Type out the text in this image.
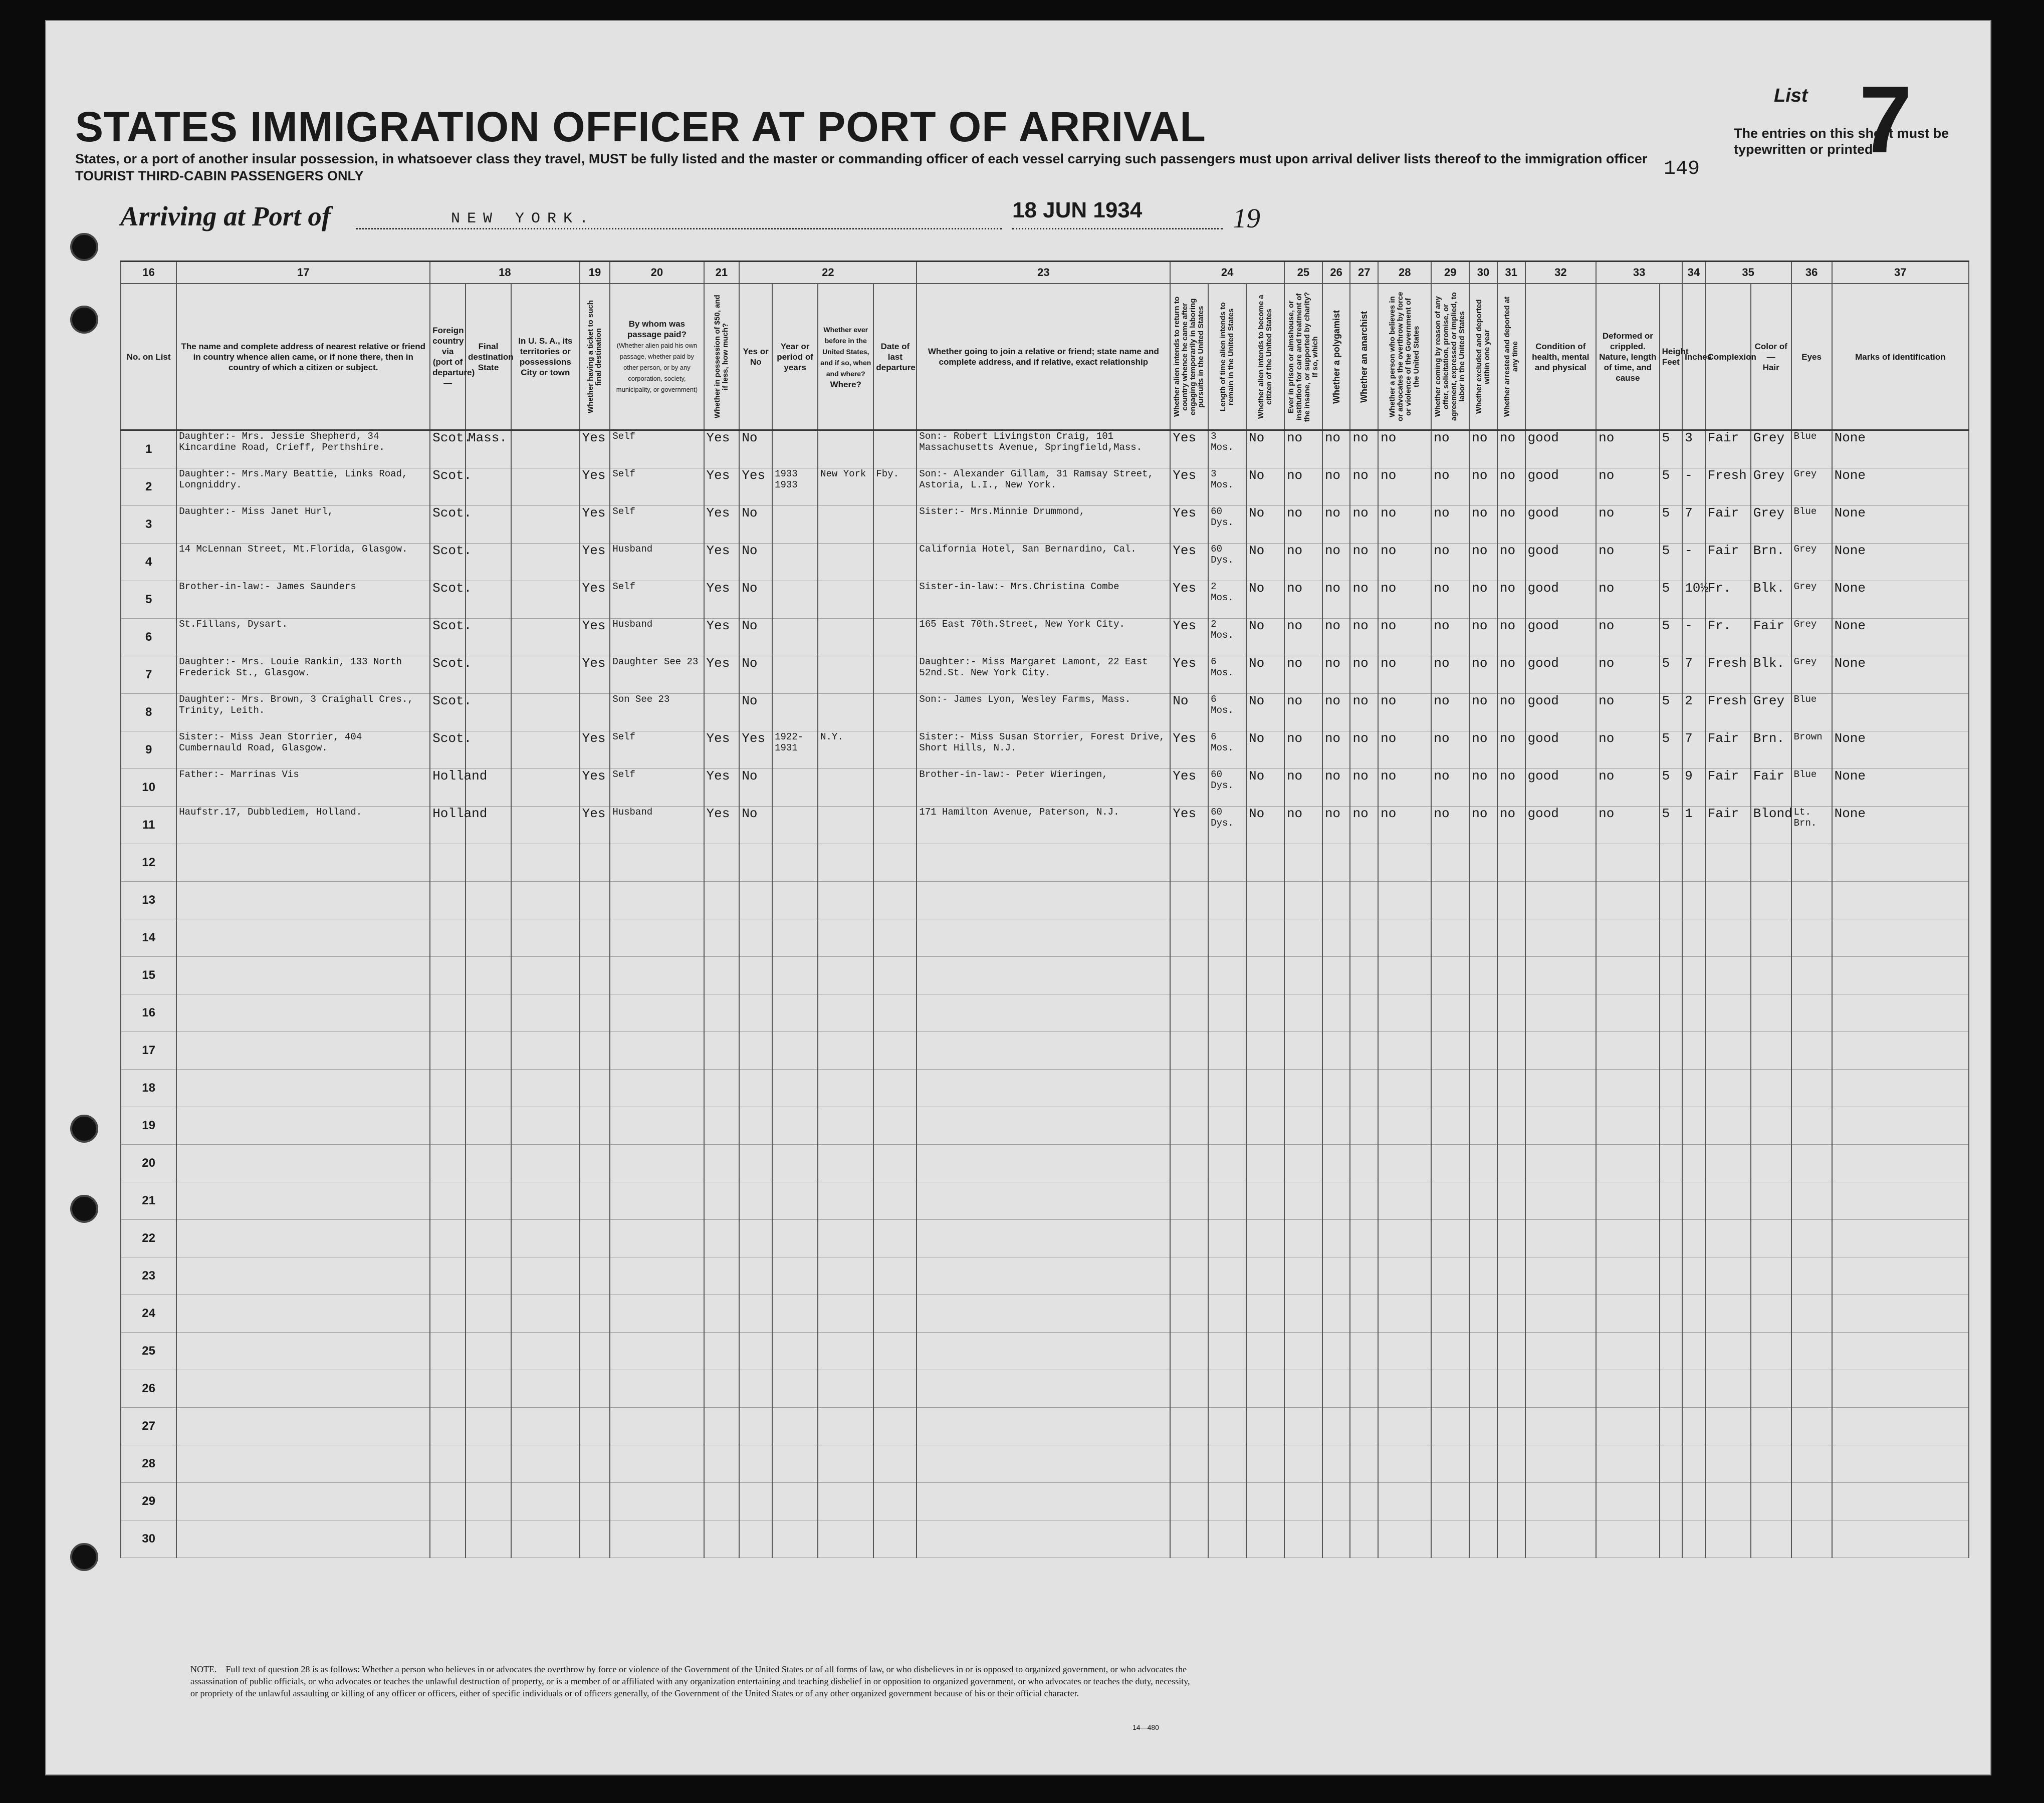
STATES IMMIGRATION OFFICER AT PORT OF ARRIVAL
States, or a port of another insular possession, in whatsoever class they travel, MUST be fully listed and the master or commanding officer of each vessel carrying such passengers must upon arrival deliver lists thereof to the immigration officer
TOURIST THIRD-CABIN PASSENGERS ONLY
List 7
The entries on this sheet must be typewritten or printed
149
Arriving at Port of	NEW YORK.	18 JUN 1934	19
16	17	18			19	20	21	22				23	24			25	26	27	28	29	30	31	32	33		34	35		36	37
No. on List	The name and complete address of nearest relative or friend in country whence alien came, or if none there, then in country of which a citizen or subject.	Foreign country via (port of departure)—	Final destination
State	In U. S. A., its territories or possessions
City or town	Whether having a ticket to such final destination	By whom was passage paid?
(Whether alien paid his own passage, whether paid by other person, or by any corporation, society, municipality, or government)	Whether in possession of $50, and if less, how much?	Yes or No	Year or period of years	Whether ever before in the United States, and if so, when and where?
Where?	Date of last departure	Whether going to join a relative or friend; state name and complete address, and if relative, exact relationship	Whether alien intends to return to country whence he came after engaging temporarily in laboring pursuits in the United States	Length of time alien intends to remain in the United States	Whether alien intends to become a citizen of the United States	Ever in prison or almshouse, or institution for care and treatment of the insane, or supported by charity? If so, which	Whether a polygamist	Whether an anarchist	Whether a person who believes in or advocates the overthrow by force or violence of the Government of the United States	Whether coming by reason of any offer, solicitation, promise, or agreement, expressed or implied, to labor in the United States	Whether excluded and deported within one year	Whether arrested and deported at any time	Condition of health, mental and physical	Deformed or crippled. Nature, length of time, and cause	Height
Feet	Inches	Complexion	Color of—
Hair	Eyes	Marks of identification
1	Daughter:- Mrs. Jessie Shepherd, 34 Kincardine Road, Crieff, Perthshire.	Scot.	Mass.		Yes	Self	Yes	No				Son:- Robert Livingston Craig, 101 Massachusetts Avenue, Springfield,Mass.	Yes	3 Mos.	No	no	no	no	no	no	no	no	good	no	5	3	Fair	Grey	Blue	None
2	Daughter:- Mrs.Mary Beattie, Links Road, Longniddry.	Scot.			Yes	Self	Yes	Yes	1933 1933	New York	Fby.	Son:- Alexander Gillam, 31 Ramsay Street, Astoria, L.I., New York.	Yes	3 Mos.	No	no	no	no	no	no	no	no	good	no	5	-	Fresh	Grey	Grey	None
3	Daughter:- Miss Janet Hurl,	Scot.			Yes	Self	Yes	No				Sister:- Mrs.Minnie Drummond,	Yes	60 Dys.	No	no	no	no	no	no	no	no	good	no	5	7	Fair	Grey	Blue	None
4	14 McLennan Street, Mt.Florida, Glasgow.	Scot.			Yes	Husband	Yes	No				California Hotel, San Bernardino, Cal.	Yes	60 Dys.	No	no	no	no	no	no	no	no	good	no	5	-	Fair	Brn.	Grey	None
5	Brother-in-law:- James Saunders	Scot.			Yes	Self	Yes	No				Sister-in-law:- Mrs.Christina Combe	Yes	2 Mos.	No	no	no	no	no	no	no	no	good	no	5	10½	Fr.	Blk.	Grey	None
6	St.Fillans, Dysart.	Scot.			Yes	Husband	Yes	No				165 East 70th.Street, New York City.	Yes	2 Mos.	No	no	no	no	no	no	no	no	good	no	5	-	Fr.	Fair	Grey	None
7	Daughter:- Mrs. Louie Rankin, 133 North Frederick St., Glasgow.	Scot.			Yes	Daughter See 23	Yes	No				Daughter:- Miss Margaret Lamont, 22 East 52nd.St. New York City.	Yes	6 Mos.	No	no	no	no	no	no	no	no	good	no	5	7	Fresh	Blk.	Grey	None
8	Daughter:- Mrs. Brown, 3 Craighall Cres., Trinity, Leith.	Scot.				Son See 23		No				Son:- James Lyon, Wesley Farms, Mass.	No	6 Mos.	No	no	no	no	no	no	no	no	good	no	5	2	Fresh	Grey	Blue	
9	Sister:- Miss Jean Storrier, 404 Cumbernauld Road, Glasgow.	Scot.			Yes	Self	Yes	Yes	1922- 1931	N.Y.		Sister:- Miss Susan Storrier, Forest Drive, Short Hills, N.J.	Yes	6 Mos.	No	no	no	no	no	no	no	no	good	no	5	7	Fair	Brn.	Brown	None
10	Father:- Marrinas Vis	Holland			Yes	Self	Yes	No				Brother-in-law:- Peter Wieringen,	Yes	60 Dys.	No	no	no	no	no	no	no	no	good	no	5	9	Fair	Fair	Blue	None
11	Haufstr.17, Dubblediem, Holland.	Holland			Yes	Husband	Yes	No				171 Hamilton Avenue, Paterson, N.J.	Yes	60 Dys.	No	no	no	no	no	no	no	no	good	no	5	1	Fair	Blond	Lt. Brn.	None
12																														
13																														
14																														
15																														
16																														
17																														
18																														
19																														
20																														
21																														
22																														
23																														
24																														
25																														
26																														
27																														
28																														
29																														
30																														
NOTE.—Full text of question 28 is as follows: Whether a person who believes in or advocates the overthrow by force or violence of the Government of the United States or of all forms of law, or who disbelieves in or is opposed to organized government, or who advocates the assassination of public officials, or who advocates or teaches the unlawful destruction of property, or is a member of or affiliated with any organization entertaining and teaching disbelief in or opposition to organized government, or who advocates or teaches the duty, necessity, or propriety of the unlawful assaulting or killing of any officer or officers, either of specific individuals or of officers generally, of the Government of the United States or of any other organized government because of his or their official character.
14—480
